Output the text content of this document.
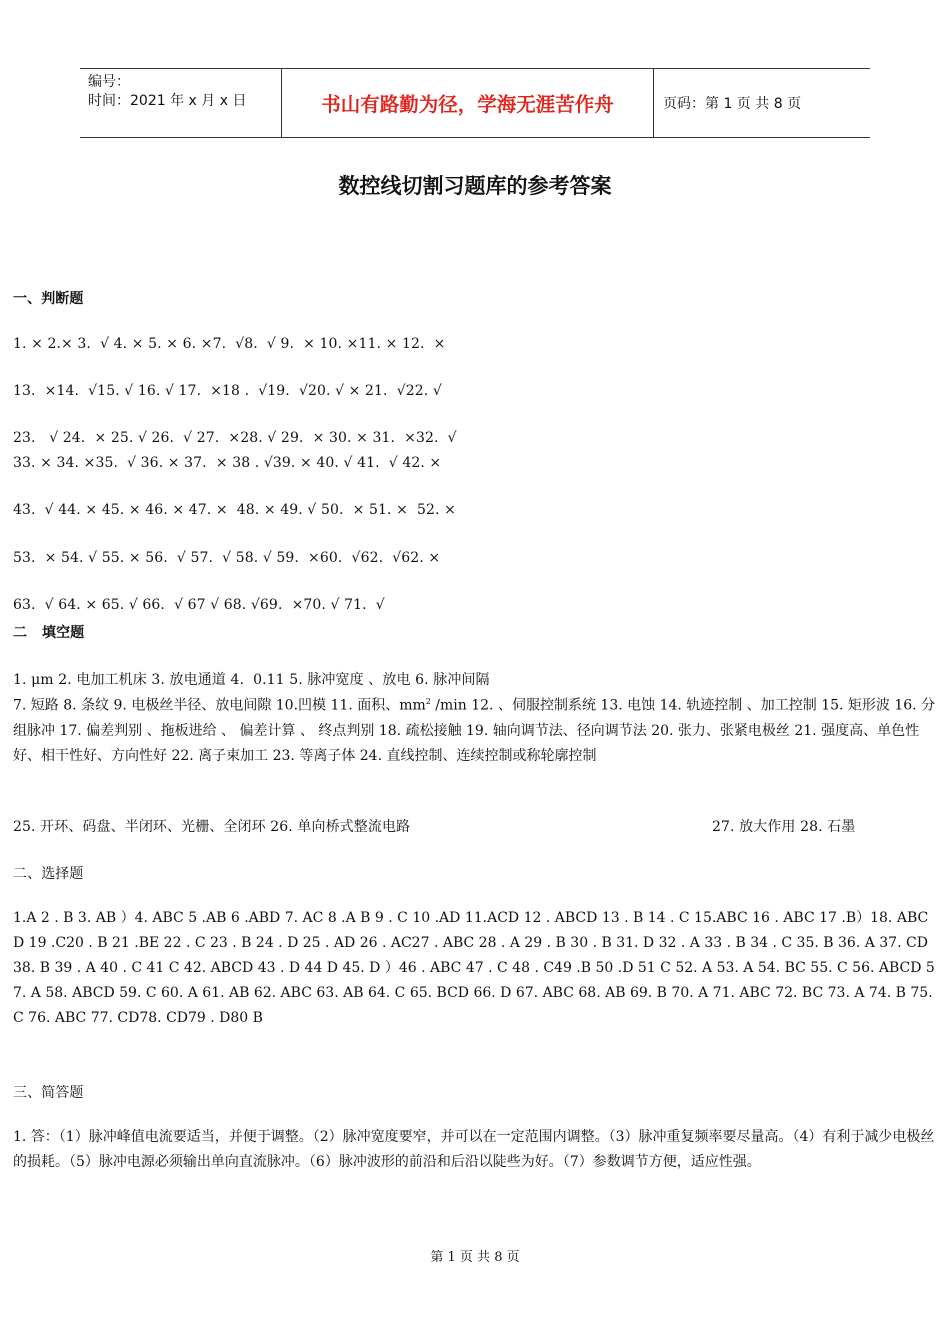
编号：
时间：2021 年 x 月 x 日	书山有路勤为径，学海无涯苦作舟	页码：第 1 页 共 8 页
数控线切割习题库的参考答案
一、判断题
1. × 2.× 3.  √ 4. × 5. × 6. ×7.  √8.  √ 9.  × 10. ×11. × 12.  ×
13.  ×14.  √15. √ 16. √ 17.  ×18 .  √19.  √20. √ × 21.  √22. √
23.   √ 24.  × 25. √ 26.  √ 27.  ×28. √ 29.  × 30. × 31.  ×32.  √
33. × 34. ×35.  √ 36. × 37.  × 38 . √39. × 40. √ 41.  √ 42. ×
43.  √ 44. × 45. × 46. × 47. ×  48. × 49. √ 50.  × 51. ×  52. ×
53.  × 54. √ 55. × 56.  √ 57.  √ 58. √ 59.  ×60.  √62.  √62. ×
63.  √ 64. × 65. √ 66.  √ 67 √ 68. √69.  ×70. √ 71.  √
二   填空题
1. μm 2. 电加工机床 3. 放电通道 4.  0.11 5. 脉冲宽度 、放电 6. 脉冲间隔
7. 短路 8. 条纹 9. 电极丝半径、放电间隙 10.凹模 11. 面积、$mm^2$ /min 12. 、伺服控制系统 13. 电蚀 14. 轨迹控制 、加工控制 15. 矩形波 16. 分组脉冲 17. 偏差判别 、拖板进给 、 偏差计算 、 终点判别 18. 疏松接触 19. 轴向调节法、径向调节法 20. 张力、张紧电极丝 21. 强度高、单色性好、相干性好、方向性好 22. 离子束加工 23. 等离子体 24. 直线控制、连续控制或称轮廓控制
25. 开环、码盘、半闭环、光栅、全闭环 26. 单向桥式整流电路	27. 放大作用 28. 石墨
二、选择题
1.A 2 . B 3. AB ）4. ABC 5 .AB 6 .ABD 7. AC 8 .A B 9 . C 10 .AD 11.ACD 12 . ABCD 13 . B 14 . C 15.ABC 16 . ABC 17 .B）18. ABCD 19 .C20 . B 21 .BE 22 . C 23 . B 24 . D 25 . AD 26 . AC27 . ABC 28 . A 29 . B 30 . B 31. D 32 . A 33 . B 34 . C 35. B 36. A 37. CD 38. B 39 . A 40 . C 41 C 42. ABCD 43 . D 44 D 45. D ）46 . ABC 47 . C 48 . C49 .B 50 .D 51 C 52. A 53. A 54. BC 55. C 56. ABCD 57. A 58. ABCD 59. C 60. A 61. AB 62. ABC 63. AB 64. C 65. BCD 66. D 67. ABC 68. AB 69. B 70. A 71. ABC 72. BC 73. A 74. B 75. C 76. ABC 77. CD78. CD79 . D80 B
三、简答题
1. 答：（1）脉冲峰值电流要适当，并便于调整。（2）脉冲宽度要窄，并可以在一定范围内调整。（3）脉冲重复频率要尽量高。（4）有利于减少电极丝的损耗。（5）脉冲电源必须输出单向直流脉冲。（6）脉冲波形的前沿和后沿以陡些为好。（7）参数调节方便，适应性强。
第 1 页 共 8 页
